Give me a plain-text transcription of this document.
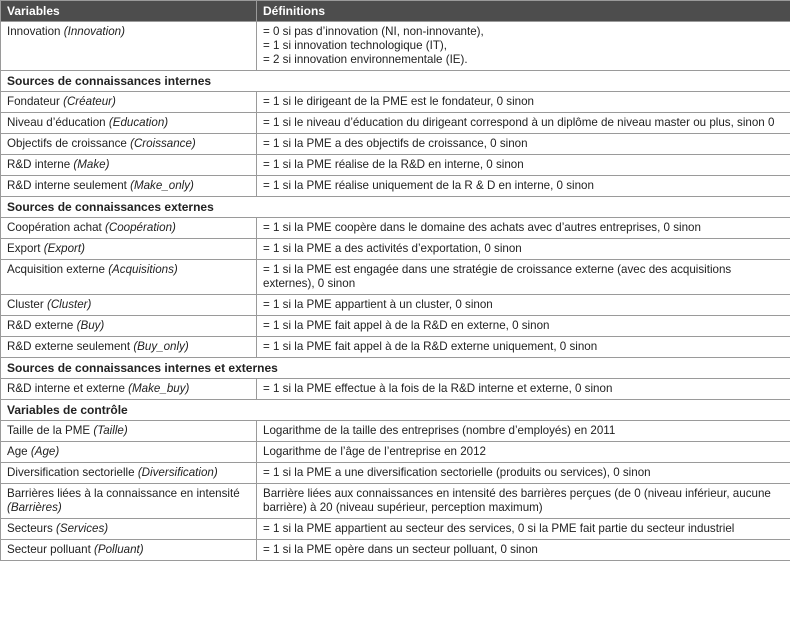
Variables	Définitions
Innovation (Innovation)	= 0 si pas d’innovation (NI, non-innovante),
= 1 si innovation technologique (IT),
= 2 si innovation environnementale (IE).

Sources de connaissances internes	
Fondateur (Créateur)	= 1 si le dirigeant de la PME est le fondateur, 0 sinon

Niveau d’éducation (Education)	= 1 si le niveau d’éducation du dirigeant correspond à un diplôme de niveau master ou plus, sinon 0

Objectifs de croissance (Croissance)	= 1 si la PME a des objectifs de croissance, 0 sinon

R&D interne (Make)	= 1 si la PME réalise de la R&D en interne, 0 sinon

R&D interne seulement (Make_only)	= 1 si la PME réalise uniquement de la R & D en interne, 0 sinon

Sources de connaissances externes	
Coopération achat (Coopération)	= 1 si la PME coopère dans le domaine des achats avec d’autres entreprises, 0 sinon

Export (Export)	= 1 si la PME a des activités d’exportation, 0 sinon

Acquisition externe (Acquisitions)	= 1 si la PME est engagée dans une stratégie de croissance externe (avec des acquisitions externes), 0 sinon

Cluster (Cluster)	= 1 si la PME appartient à un cluster, 0 sinon

R&D externe (Buy)	= 1 si la PME fait appel à de la R&D en externe, 0 sinon

R&D externe seulement (Buy_only)	= 1 si la PME fait appel à de la R&D externe uniquement, 0 sinon

Sources de connaissances internes et externes	
R&D interne et externe (Make_buy)	= 1 si la PME effectue à la fois de la R&D interne et externe, 0 sinon

Variables de contrôle	
Taille de la PME (Taille)	Logarithme de la taille des entreprises (nombre d’employés) en 2011

Age (Age)	Logarithme de l’âge de l’entreprise en 2012

Diversification sectorielle (Diversification)	= 1 si la PME a une diversification sectorielle (produits ou services), 0 sinon

Barrières liées à la connaissance en intensité (Barrières)	Barrière liées aux connaissances en intensité des barrières perçues (de 0 (niveau inférieur, aucune barrière) à 20 (niveau supérieur, perception maximum)

Secteurs (Services)	= 1 si la PME appartient au secteur des services, 0 si la PME fait partie du secteur industriel

Secteur polluant (Polluant)	= 1 si la PME opère dans un secteur polluant, 0 sinon
